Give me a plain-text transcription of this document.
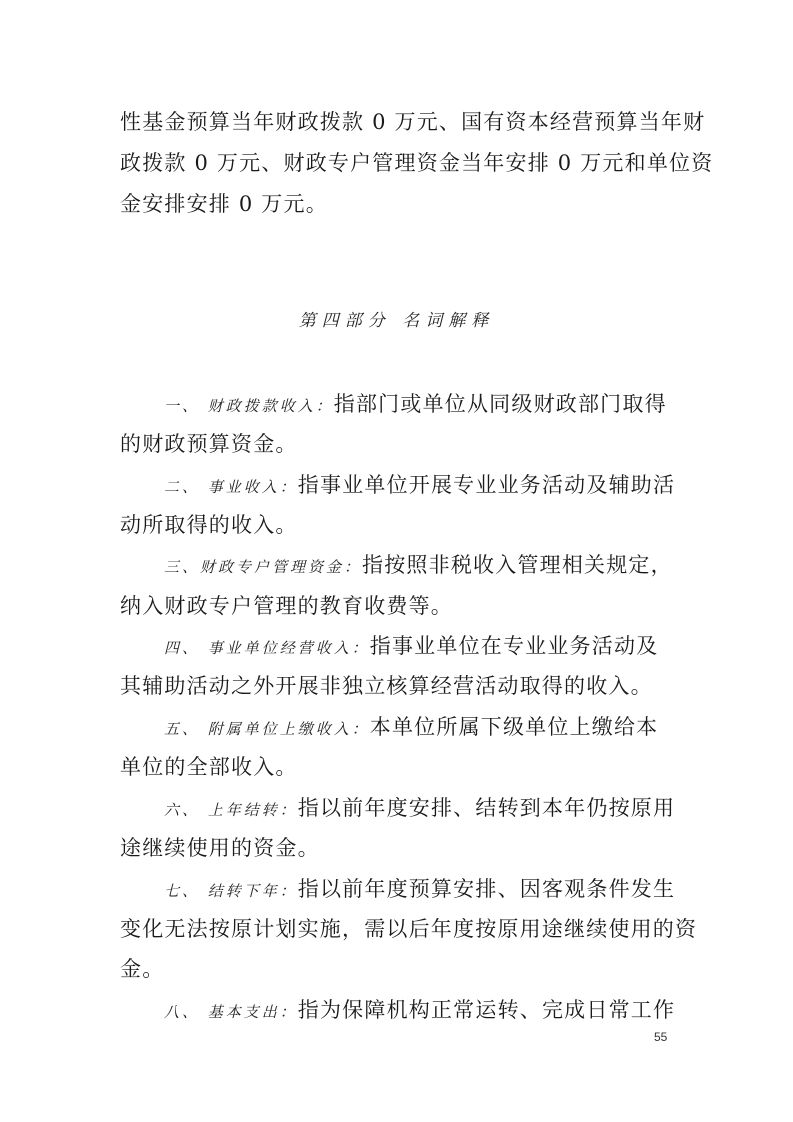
性基金预算当年财政拨款 0 万元、国有资本经营预算当年财
政拨款 0 万元、财政专户管理资金当年安排 0 万元和单位资
金安排安排 0 万元。
第四部分 名词解释
一、 财政拨款收入：指部门或单位从同级财政部门取得
的财政预算资金。
二、 事业收入：指事业单位开展专业业务活动及辅助活
动所取得的收入。
三、财政专户管理资金：指按照非税收入管理相关规定，
纳入财政专户管理的教育收费等。
四、 事业单位经营收入：指事业单位在专业业务活动及
其辅助活动之外开展非独立核算经营活动取得的收入。
五、 附属单位上缴收入：本单位所属下级单位上缴给本
单位的全部收入。
六、 上年结转：指以前年度安排、结转到本年仍按原用
途继续使用的资金。
七、 结转下年：指以前年度预算安排、因客观条件发生
变化无法按原计划实施，需以后年度按原用途继续使用的资
金。
八、 基本支出：指为保障机构正常运转、完成日常工作
55
